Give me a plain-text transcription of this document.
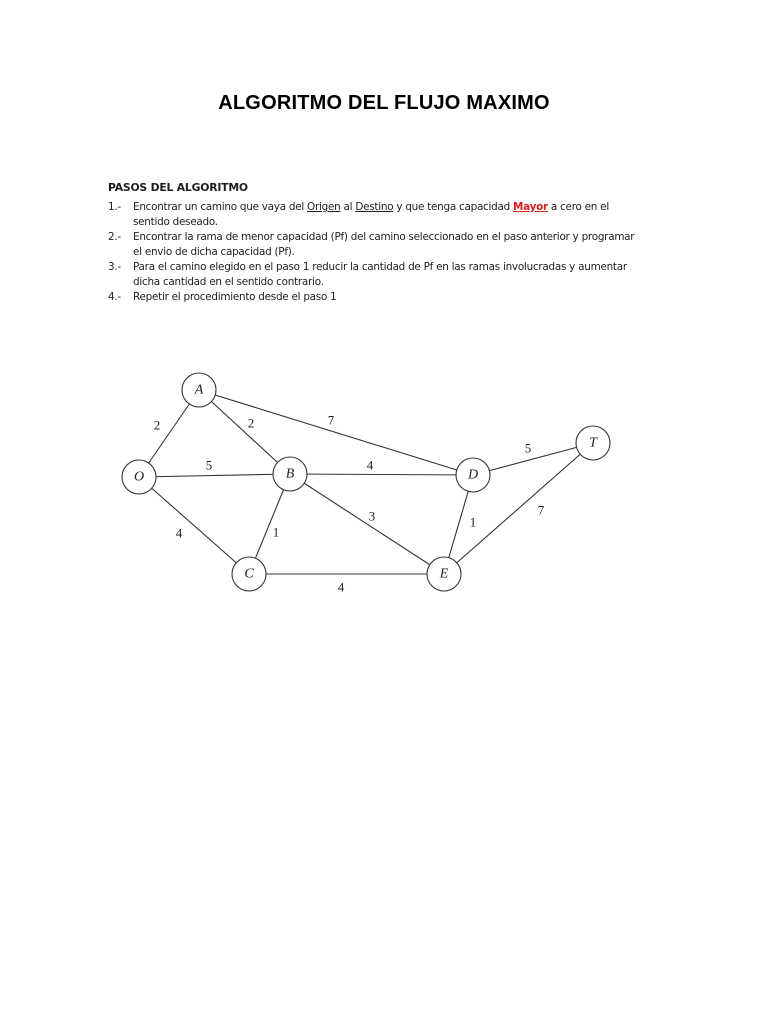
ALGORITMO DEL FLUJO MAXIMO
PASOS DEL ALGORITMO
1.- Encontrar un camino que vaya del Origen al Destino y que tenga capacidad Mayor a cero en el sentido deseado.
2.- Encontrar la rama de menor capacidad (Pf) del camino seleccionado en el paso anterior y programar el envio de dicha capacidad (Pf).
3.- Para el camino elegido en el paso 1 reducir la cantidad de Pf en las ramas involucradas y aumentar dicha cantidad en el sentido contrario.
4.- Repetir el procedimiento desde el paso 1
2
5
4
2	7
1
4
3
4
1
5
7
O
A
B
C
D
E
T
